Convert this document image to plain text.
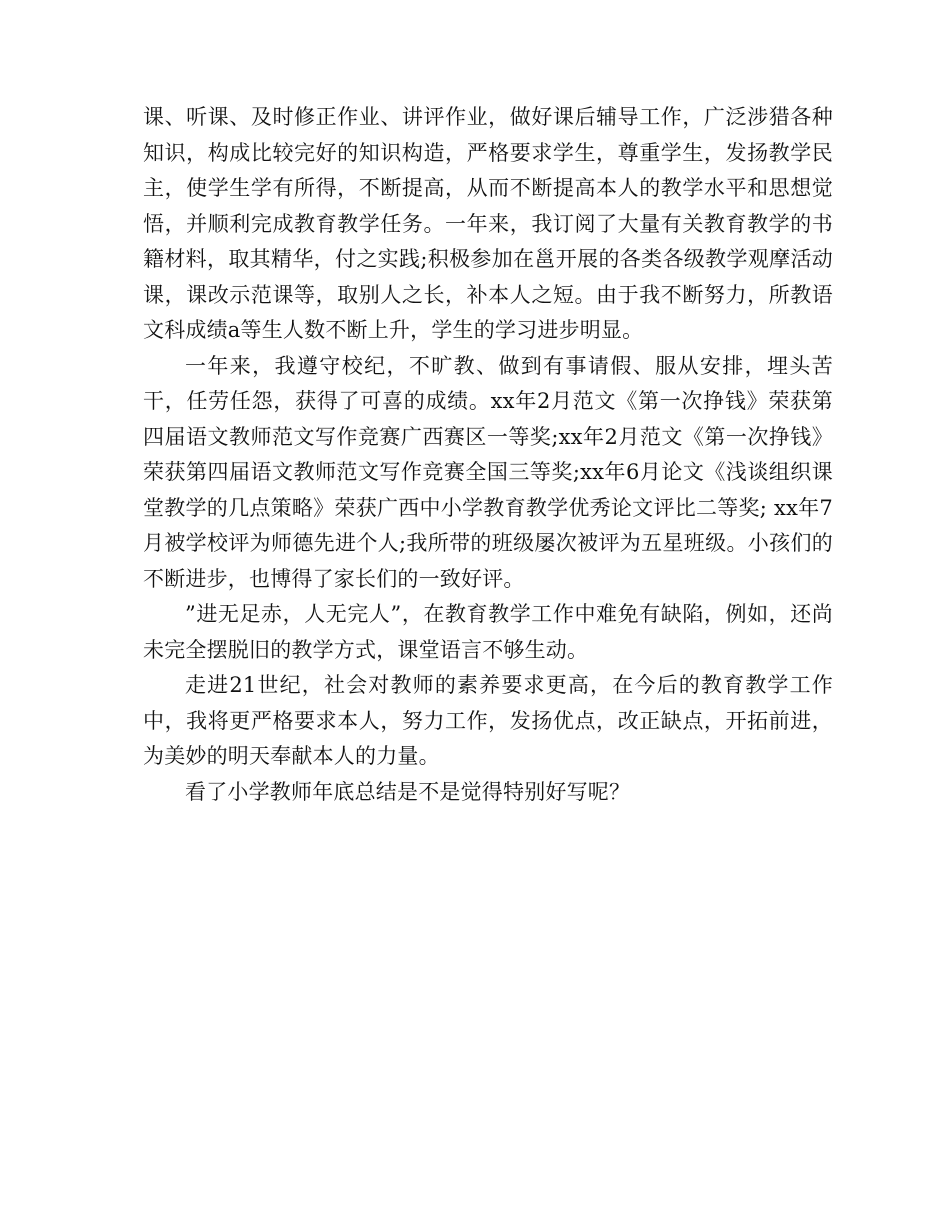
课、听课、及时修正作业、讲评作业，做好课后辅导工作，广泛涉猎各种知识，构成比较完好的知识构造，严格要求学生，尊重学生，发扬教学民主，使学生学有所得，不断提高，从而不断提高本人的教学水平和思想觉悟，并顺利完成教育教学任务。一年来，我订阅了大量有关教育教学的书籍材料，取其精华，付之实践;积极参加在邕开展的各类各级教学观摩活动课，课改示范课等，取别人之长，补本人之短。由于我不断努力，所教语文科成绩a等生人数不断上升，学生的学习进步明显。

一年来，我遵守校纪，不旷教、做到有事请假、服从安排，埋头苦干，任劳任怨，获得了可喜的成绩。xx年2月范文《第一次挣钱》荣获第四届语文教师范文写作竞赛广西赛区一等奖;xx年2月范文《第一次挣钱》荣获第四届语文教师范文写作竞赛全国三等奖;xx年6月论文《浅谈组织课堂教学的几点策略》荣获广西中小学教育教学优秀论文评比二等奖; xx年7月被学校评为师德先进个人;我所带的班级屡次被评为五星班级。小孩们的不断进步，也博得了家长们的一致好评。

”进无足赤，人无完人”，在教育教学工作中难免有缺陷，例如，还尚未完全摆脱旧的教学方式，课堂语言不够生动。

走进21世纪，社会对教师的素养要求更高，在今后的教育教学工作中，我将更严格要求本人，努力工作，发扬优点，改正缺点，开拓前进，为美妙的明天奉献本人的力量。

看了小学教师年底总结是不是觉得特别好写呢？
